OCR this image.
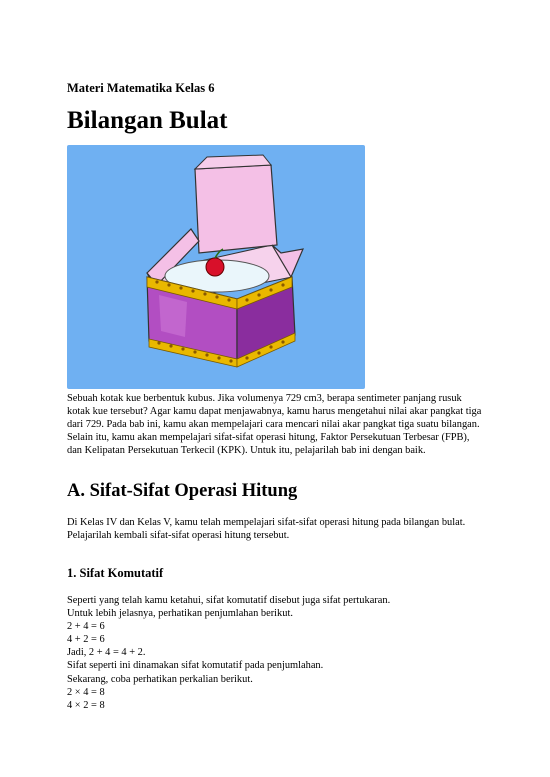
Materi Matematika Kelas 6
Bilangan Bulat
Sebuah kotak kue berbentuk kubus. Jika volumenya 729 cm3, berapa sentimeter panjang rusuk kotak kue tersebut? Agar kamu dapat menjawabnya, kamu harus mengetahui nilai akar pangkat tiga dari 729. Pada bab ini, kamu akan mempelajari cara mencari nilai akar pangkat tiga suatu bilangan. Selain itu, kamu akan mempelajari sifat-sifat operasi hitung, Faktor Persekutuan Terbesar (FPB), dan Kelipatan Persekutuan Terkecil (KPK). Untuk itu, pelajarilah bab ini dengan baik.
A. Sifat-Sifat Operasi Hitung
Di Kelas IV dan Kelas V, kamu telah mempelajari sifat-sifat operasi hitung pada bilangan bulat. Pelajarilah kembali sifat-sifat operasi hitung tersebut.
1. Sifat Komutatif
Seperti yang telah kamu ketahui, sifat komutatif disebut juga sifat pertukaran.
Untuk lebih jelasnya, perhatikan penjumlahan berikut.
2 + 4 = 6
4 + 2 = 6
Jadi, 2 + 4 = 4 + 2.
Sifat seperti ini dinamakan sifat komutatif pada penjumlahan.
Sekarang, coba perhatikan perkalian berikut.
2 × 4 = 8
4 × 2 = 8
